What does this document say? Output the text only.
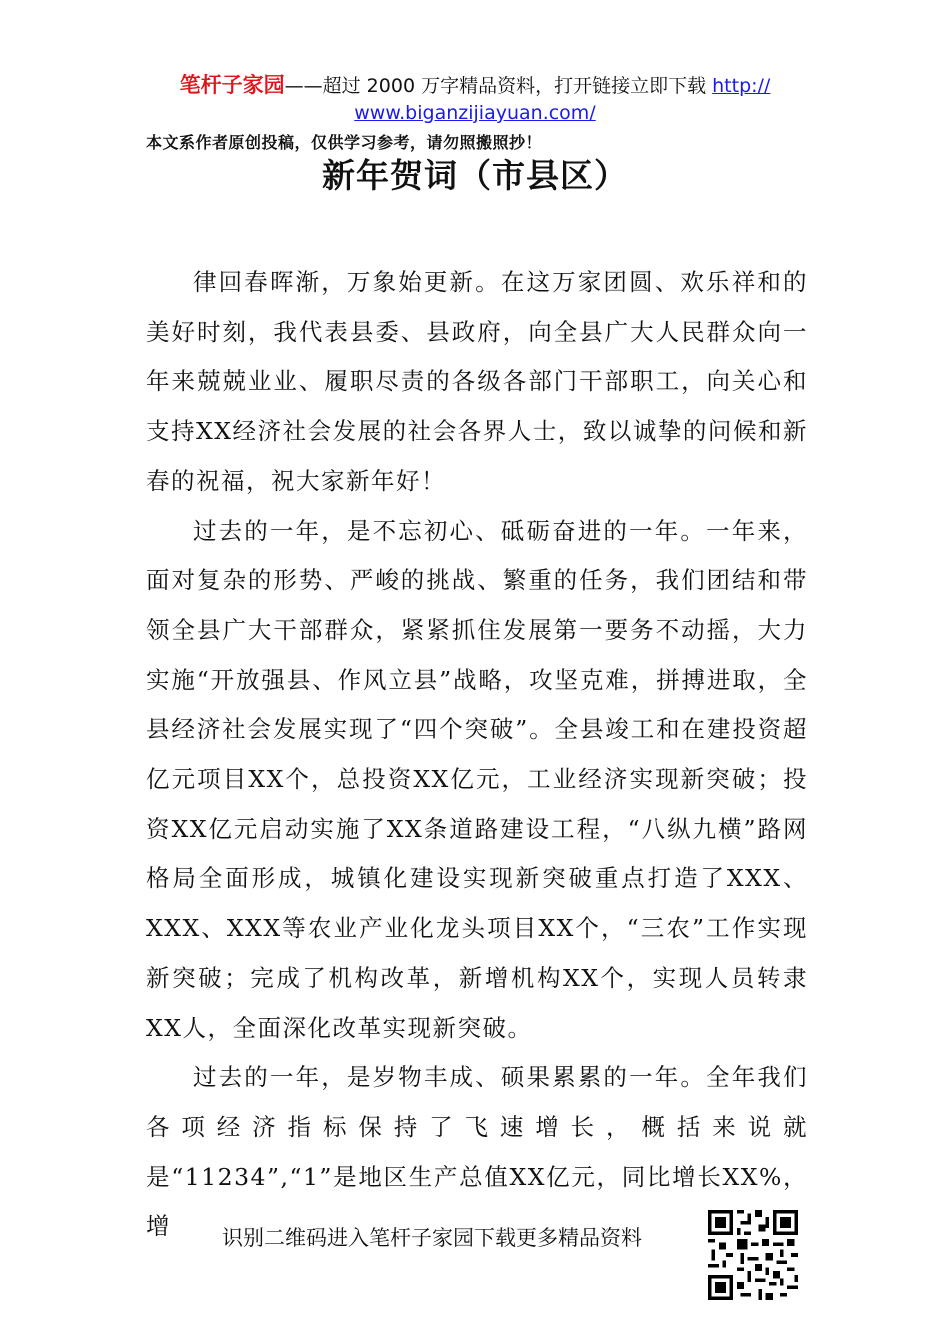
笔杆子家园——超过 2000 万字精品资料，打开链接立即下载 http://
www.biganzijiayuan.com/
本文系作者原创投稿，仅供学习参考，请勿照搬照抄！
新年贺词（市县区）

律回春晖渐，万象始更新。在这万家团圆、欢乐祥和的美好时刻，我代表县委、县政府，向全县广大人民群众向一年来兢兢业业、履职尽责的各级各部门干部职工，向关心和支持XX经济社会发展的社会各界人士，致以诚挚的问候和新春的祝福，祝大家新年好！

过去的一年，是不忘初心、砥砺奋进的一年。一年来，面对复杂的形势、严峻的挑战、繁重的任务，我们团结和带领全县广大干部群众，紧紧抓住发展第一要务不动摇，大力实施“开放强县、作风立县”战略，攻坚克难，拼搏进取，全县经济社会发展实现了“四个突破”。全县竣工和在建投资超亿元项目XX个，总投资XX亿元，工业经济实现新突破；投资XX亿元启动实施了XX条道路建设工程，“八纵九横”路网格局全面形成，城镇化建设实现新突破重点打造了XXX、XXX、XXX等农业产业化龙头项目XX个，“三农”工作实现新突破；完成了机构改革，新增机构XX个，实现人员转隶XX人，全面深化改革实现新突破。

过去的一年，是岁物丰成、硕果累累的一年。全年我们各项经济指标保持了飞速增长，概括来说就是“11234”,“1”是地区生产总值XX亿元，同比增长XX%，增	识别二维码进入笔杆子家园下载更多精品资料
